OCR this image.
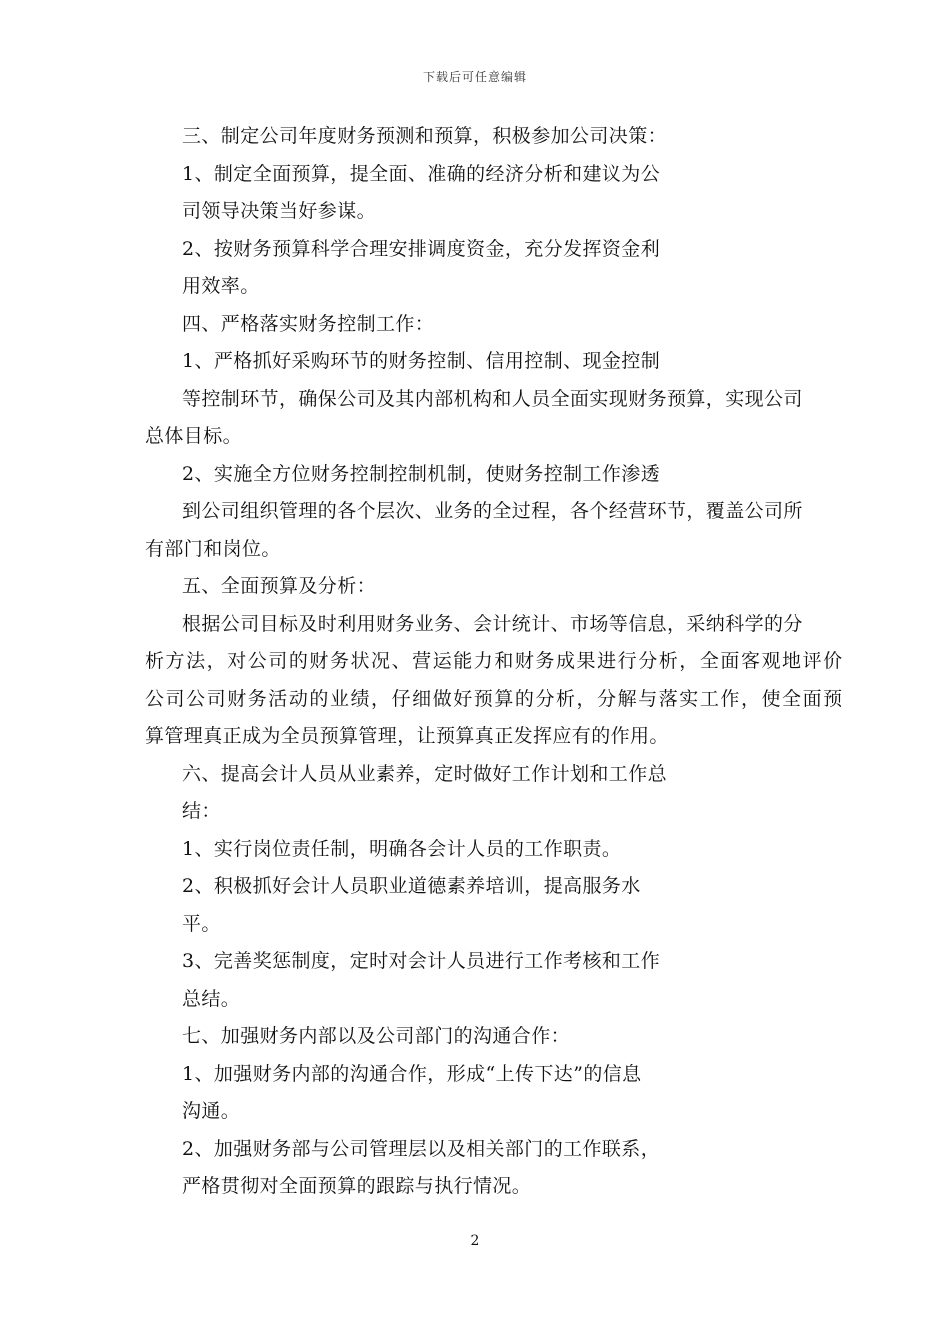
下载后可任意编辑
三、制定公司年度财务预测和预算，积极参加公司决策：
1、制定全面预算，提全面、准确的经济分析和建议为公
司领导决策当好参谋。
2、按财务预算科学合理安排调度资金，充分发挥资金利
用效率。
四、严格落实财务控制工作：
1、严格抓好采购环节的财务控制、信用控制、现金控制
等控制环节，确保公司及其内部机构和人员全面实现财务预算，实现公司
总体目标。
2、实施全方位财务控制控制机制，使财务控制工作渗透
到公司组织管理的各个层次、业务的全过程，各个经营环节，覆盖公司所
有部门和岗位。
五、全面预算及分析：
根据公司目标及时利用财务业务、会计统计、市场等信息，采纳科学的分
析方法，对公司的财务状况、营运能力和财务成果进行分析，全面客观地评价
公司公司财务活动的业绩，仔细做好预算的分析，分解与落实工作，使全面预
算管理真正成为全员预算管理，让预算真正发挥应有的作用。
六、提高会计人员从业素养，定时做好工作计划和工作总
结：
1、实行岗位责任制，明确各会计人员的工作职责。
2、积极抓好会计人员职业道德素养培训，提高服务水
平。
3、完善奖惩制度，定时对会计人员进行工作考核和工作
总结。
七、加强财务内部以及公司部门的沟通合作：
1、加强财务内部的沟通合作，形成“上传下达”的信息
沟通。
2、加强财务部与公司管理层以及相关部门的工作联系，
严格贯彻对全面预算的跟踪与执行情况。
2
